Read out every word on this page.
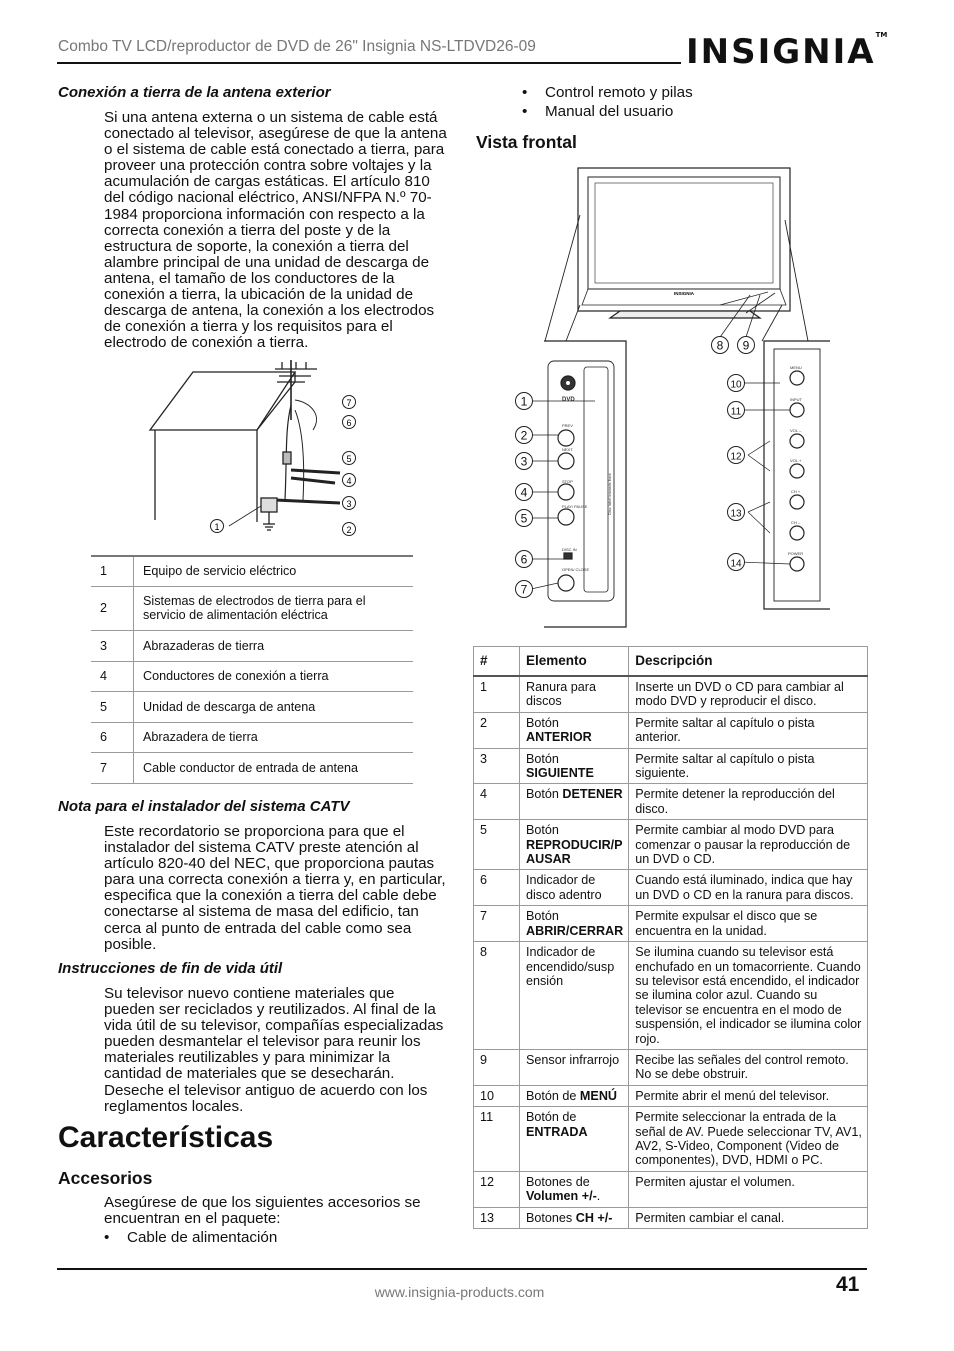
Combo TV LCD/reproductor de DVD de 26" Insignia NS-LTDVD26-09	INSIGNIA™
Conexión a tierra de la antena exterior
Si una antena externa o un sistema de cable está conectado al televisor, asegúrese de que la antena o el sistema de cable está conectado a tierra, para proveer una protección contra sobre voltajes y la acumulación de cargas estáticas. El artículo 810 del código nacional eléctrico, ANSI/NFPA N.º 70-1984 proporciona información con respecto a la correcta conexión a tierra del poste y de la estructura de soporte, la conexión a tierra del alambre principal de una unidad de descarga de antena, el tamaño de los conductores de la conexión a tierra, la ubicación de la unidad de descarga de antena, la conexión a los electrodos de conexión a tierra y los requisitos para el electrodo de conexión a tierra.
7
6
5
4
3
2
1
1	Equipo de servicio eléctrico
2	Sistemas de electrodos de tierra para el servicio de alimentación eléctrica
3	Abrazaderas de tierra
4	Conductores de conexión a tierra
5	Unidad de descarga de antena
6	Abrazadera de tierra
7	Cable conductor de entrada de antena
Nota para el instalador del sistema CATV
Este recordatorio se proporciona para que el instalador del sistema CATV preste atención al artículo 820-40 del NEC, que proporciona pautas para una correcta conexión a tierra y, en particular, especifica que la conexión a tierra del cable debe conectarse al sistema de masa del edificio, tan cerca al punto de entrada del cable como sea posible.
Instrucciones de fin de vida útil
Su televisor nuevo contiene materiales que pueden ser reciclados y reutilizados. Al final de la vida útil de su televisor, compañías especializadas pueden desmantelar el televisor para reunir los materiales reutilizables y para minimizar la cantidad de materiales que se desecharán. Deseche el televisor antiguo de acuerdo con los reglamentos locales.
Características
Accesorios
Asegúrese de que los siguientes accesorios se encuentran en el paquete:
• Cable de alimentación
• Control remoto y pilas
• Manual del usuario
Vista frontal
INSIGNIA
DVD
PREV
NEXT
STOP
PLAY/ PAUSE
DISC IN
OPEN/ CLOSE
Disc label towards front
MENU
INPUT
VOL –
VOL +
CH +
CH –
POWER
1
2
3
4
5
6
7
8 9
10
11
12
13
14
#	Elemento	Descripción
1	Ranura para discos	Inserte un DVD o CD para cambiar al modo DVD y reproducir el disco.
2	Botón ANTERIOR	Permite saltar al capítulo o pista anterior.
3	Botón SIGUIENTE	Permite saltar al capítulo o pista siguiente.
4	Botón DETENER	Permite detener la reproducción del disco.
5	Botón REPRODUCIR/P AUSAR	Permite cambiar al modo DVD para comenzar o pausar la reproducción de un DVD o CD.
6	Indicador de disco adentro	Cuando está iluminado, indica que hay un DVD o CD en la ranura para discos.
7	Botón ABRIR/CERRAR	Permite expulsar el disco que se encuentra en la unidad.
8	Indicador de encendido/susp ensión	Se ilumina cuando su televisor está enchufado en un tomacorriente. Cuando su televisor está encendido, el indicador se ilumina color azul. Cuando su televisor se encuentra en el modo de suspensión, el indicador se ilumina color rojo.
9	Sensor infrarrojo	Recibe las señales del control remoto. No se debe obstruir.
10	Botón de MENÚ	Permite abrir el menú del televisor.
11	Botón de ENTRADA	Permite seleccionar la entrada de la señal de AV. Puede seleccionar TV, AV1, AV2, S-Video, Component (Video de componentes), DVD, HDMI o PC.
12	Botones de Volumen +/-.	Permiten ajustar el volumen.
13	Botones CH +/-	Permiten cambiar el canal.
www.insignia-products.com	41
